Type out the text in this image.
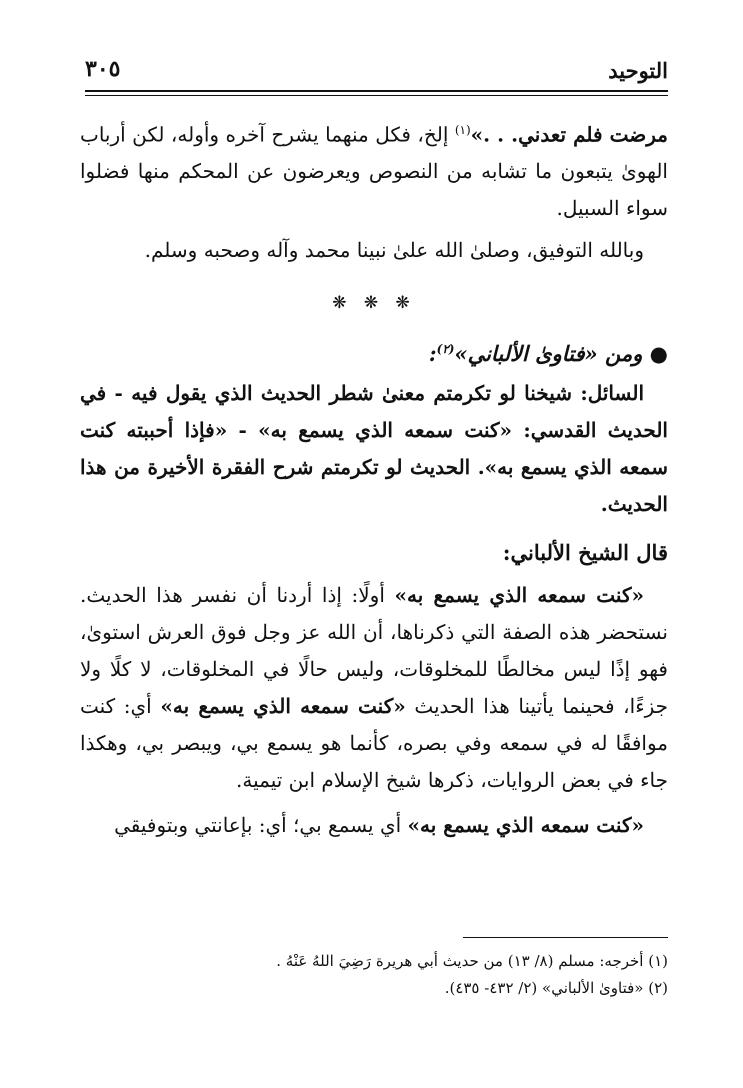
التوحيد
٣٠٥

مرضت فلم تعدني. . .»$^{(١)}$ إلخ، فكل منهما يشرح آخره وأوله، لكن أرباب الهوىٰ يتبعون ما تشابه من النصوص ويعرضون عن المحكم منها فضلوا سواء السبيل.

وبالله التوفيق، وصلىٰ الله علىٰ نبينا محمد وآله وصحبه وسلم.

❋ ❋ ❋

● ومن «فتاوىٰ الألباني»$^{(٢)}$:

السائل: شيخنا لو تكرمتم معنىٰ شطر الحديث الذي يقول فيه - في الحديث القدسي: «كنت سمعه الذي يسمع به» - «فإذا أحببته كنت سمعه الذي يسمع به». الحديث لو تكرمتم شرح الفقرة الأخيرة من هذا الحديث.

قال الشيخ الألباني:

«كنت سمعه الذي يسمع به» أولًا: إذا أردنا أن نفسر هذا الحديث. نستحضر هذه الصفة التي ذكرناها، أن الله عز وجل فوق العرش استوىٰ، فهو إذًا ليس مخالطًا للمخلوقات، وليس حالًا في المخلوقات، لا كلًا ولا جزءًا، فحينما يأتينا هذا الحديث «كنت سمعه الذي يسمع به» أي: كنت موافقًا له في سمعه وفي بصره، كأنما هو يسمع بي، ويبصر بي، وهكذا جاء في بعض الروايات، ذكرها شيخ الإسلام ابن تيمية.

«كنت سمعه الذي يسمع به» أي يسمع بي؛ أي: بإعانتي وبتوفيقي

(١) أخرجه: مسلم (٨/ ١٣) من حديث أبي هريرة رَضِيَ اللهُ عَنْهُ .

(٢) «فتاوىٰ الألباني» (٢/ ٤٣٢- ٤٣٥).
